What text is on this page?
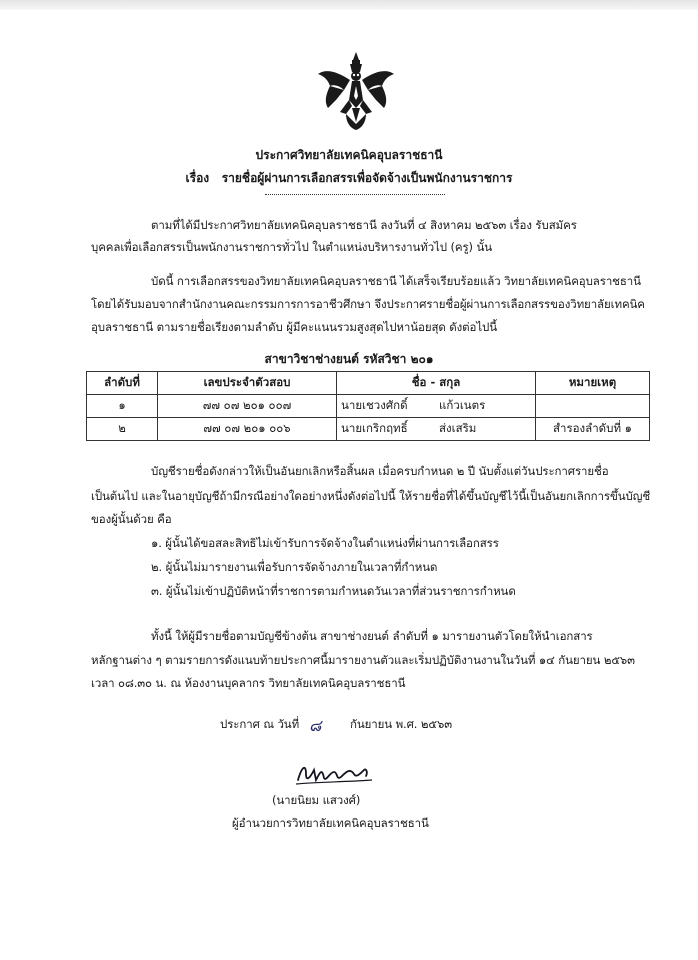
ประกาศวิทยาลัยเทคนิคอุบลราชธานี
เรื่อง รายชื่อผู้ผ่านการเลือกสรรเพื่อจัดจ้างเป็นพนักงานราชการ
ตามที่ได้มีประกาศวิทยาลัยเทคนิคอุบลราชธานี ลงวันที่ ๔ สิงหาคม ๒๕๖๓ เรื่อง รับสมัคร
บุคคลเพื่อเลือกสรรเป็นพนักงานราชการทั่วไป ในตำแหน่งบริหารงานทั่วไป (ครู) นั้น
บัดนี้ การเลือกสรรของวิทยาลัยเทคนิคอุบลราชธานี ได้เสร็จเรียบร้อยแล้ว วิทยาลัยเทคนิคอุบลราชธานี
โดยได้รับมอบจากสำนักงานคณะกรรมการการอาชีวศึกษา จึงประกาศรายชื่อผู้ผ่านการเลือกสรรของวิทยาลัยเทคนิค
อุบลราชธานี ตามรายชื่อเรียงตามลำดับ ผู้มีคะแนนรวมสูงสุดไปหาน้อยสุด ดังต่อไปนี้
สาขาวิชาช่างยนต์ รหัสวิชา ๒๐๑
ลำดับที่	เลขประจำตัวสอบ	ชื่อ - สกุล	หมายเหตุ
๑	๗๗ ๐๗ ๒๐๑ ๐๐๗	นายเชวงศักดิ์ แก้วเนตร	
๒	๗๗ ๐๗ ๒๐๑ ๐๐๖	นายเกริกฤทธิ์ ส่งเสริม	สำรองลำดับที่ ๑
บัญชีรายชื่อดังกล่าวให้เป็นอันยกเลิกหรือสิ้นผล เมื่อครบกำหนด ๒ ปี นับตั้งแต่วันประกาศรายชื่อ
เป็นต้นไป และในอายุบัญชีถ้ามีกรณีอย่างใดอย่างหนึ่งดังต่อไปนี้ ให้รายชื่อที่ได้ขึ้นบัญชีไว้นี้เป็นอันยกเลิกการขึ้นบัญชี
ของผู้นั้นด้วย คือ
๑. ผู้นั้นได้ขอสละสิทธิไม่เข้ารับการจัดจ้างในตำแหน่งที่ผ่านการเลือกสรร
๒. ผู้นั้นไม่มารายงานเพื่อรับการจัดจ้างภายในเวลาที่กำหนด
๓. ผู้นั้นไม่เข้าปฏิบัติหน้าที่ราชการตามกำหนดวันเวลาที่ส่วนราชการกำหนด
ทั้งนี้ ให้ผู้มีรายชื่อตามบัญชีข้างต้น สาขาช่างยนต์ ลำดับที่ ๑ มารายงานตัวโดยให้นำเอกสาร
หลักฐานต่าง ๆ ตามรายการดังแนบท้ายประกาศนี้มารายงานตัวและเริ่มปฏิบัติงานงานในวันที่ ๑๔ กันยายน ๒๕๖๓
เวลา ๐๘.๓๐ น. ณ ห้องงานบุคลากร วิทยาลัยเทคนิคอุบลราชธานี
ประกาศ ณ วันที่ ๘ กันยายน พ.ศ. ๒๕๖๓
(นายนิยม แสวงศ์)
ผู้อำนวยการวิทยาลัยเทคนิคอุบลราชธานี
